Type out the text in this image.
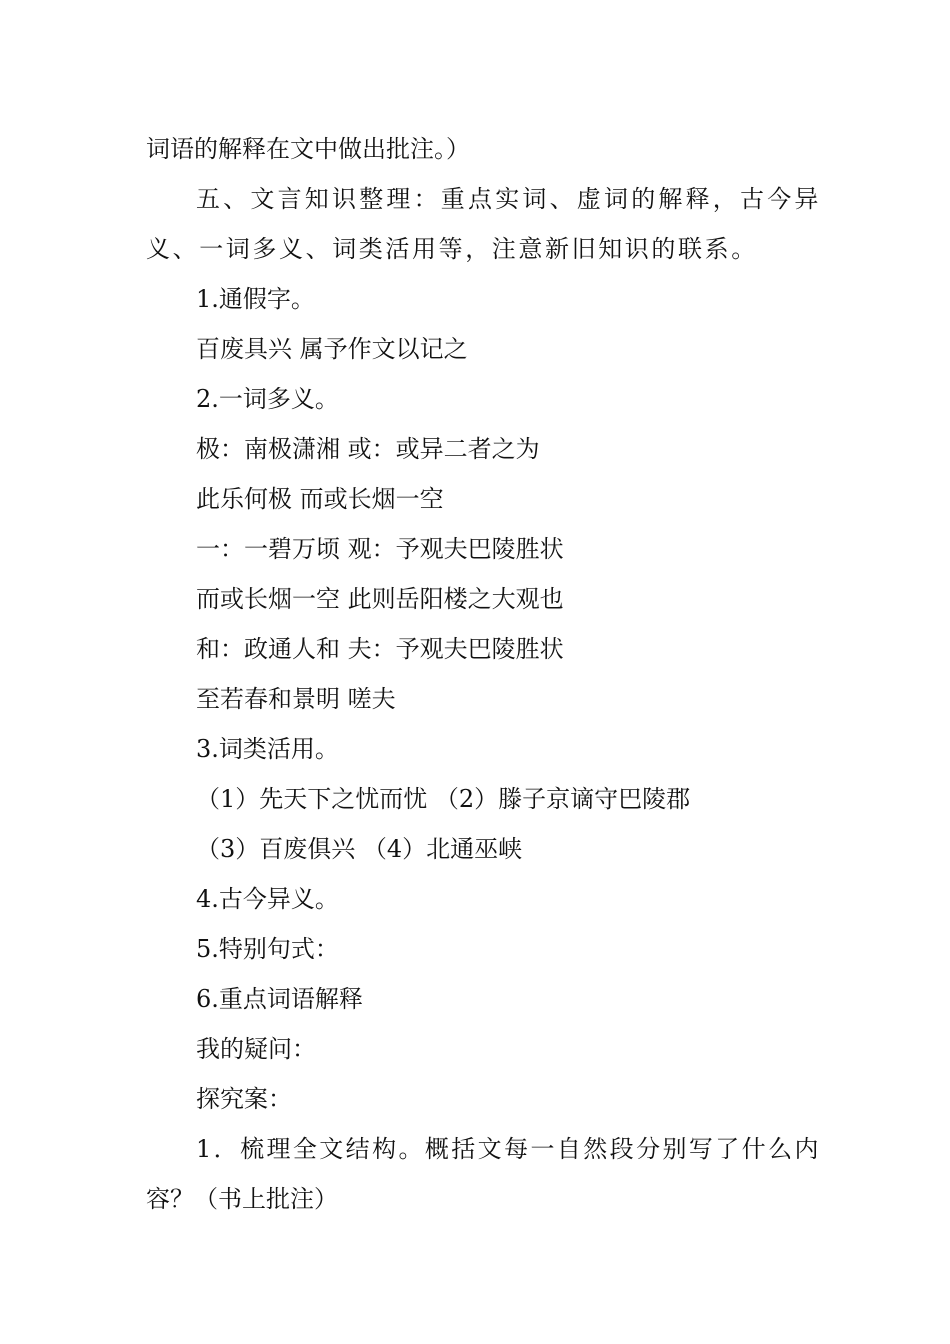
词语的解释在文中做出批注。）
五、文言知识整理：重点实词、虚词的解释，古今异
义、一词多义、词类活用等，注意新旧知识的联系。
1.通假字。
百废具兴 属予作文以记之
2.一词多义。
极：南极潇湘 或：或异二者之为
此乐何极 而或长烟一空
一：一碧万顷 观：予观夫巴陵胜状
而或长烟一空 此则岳阳楼之大观也
和：政通人和 夫：予观夫巴陵胜状
至若春和景明 嗟夫
3.词类活用。
（1）先天下之忧而忧 （2）滕子京谪守巴陵郡
（3）百废俱兴 （4）北通巫峡
4.古今异义。
5.特别句式：
6.重点词语解释
我的疑问：
探究案：
1．梳理全文结构。概括文每一自然段分别写了什么内
容？（书上批注）
